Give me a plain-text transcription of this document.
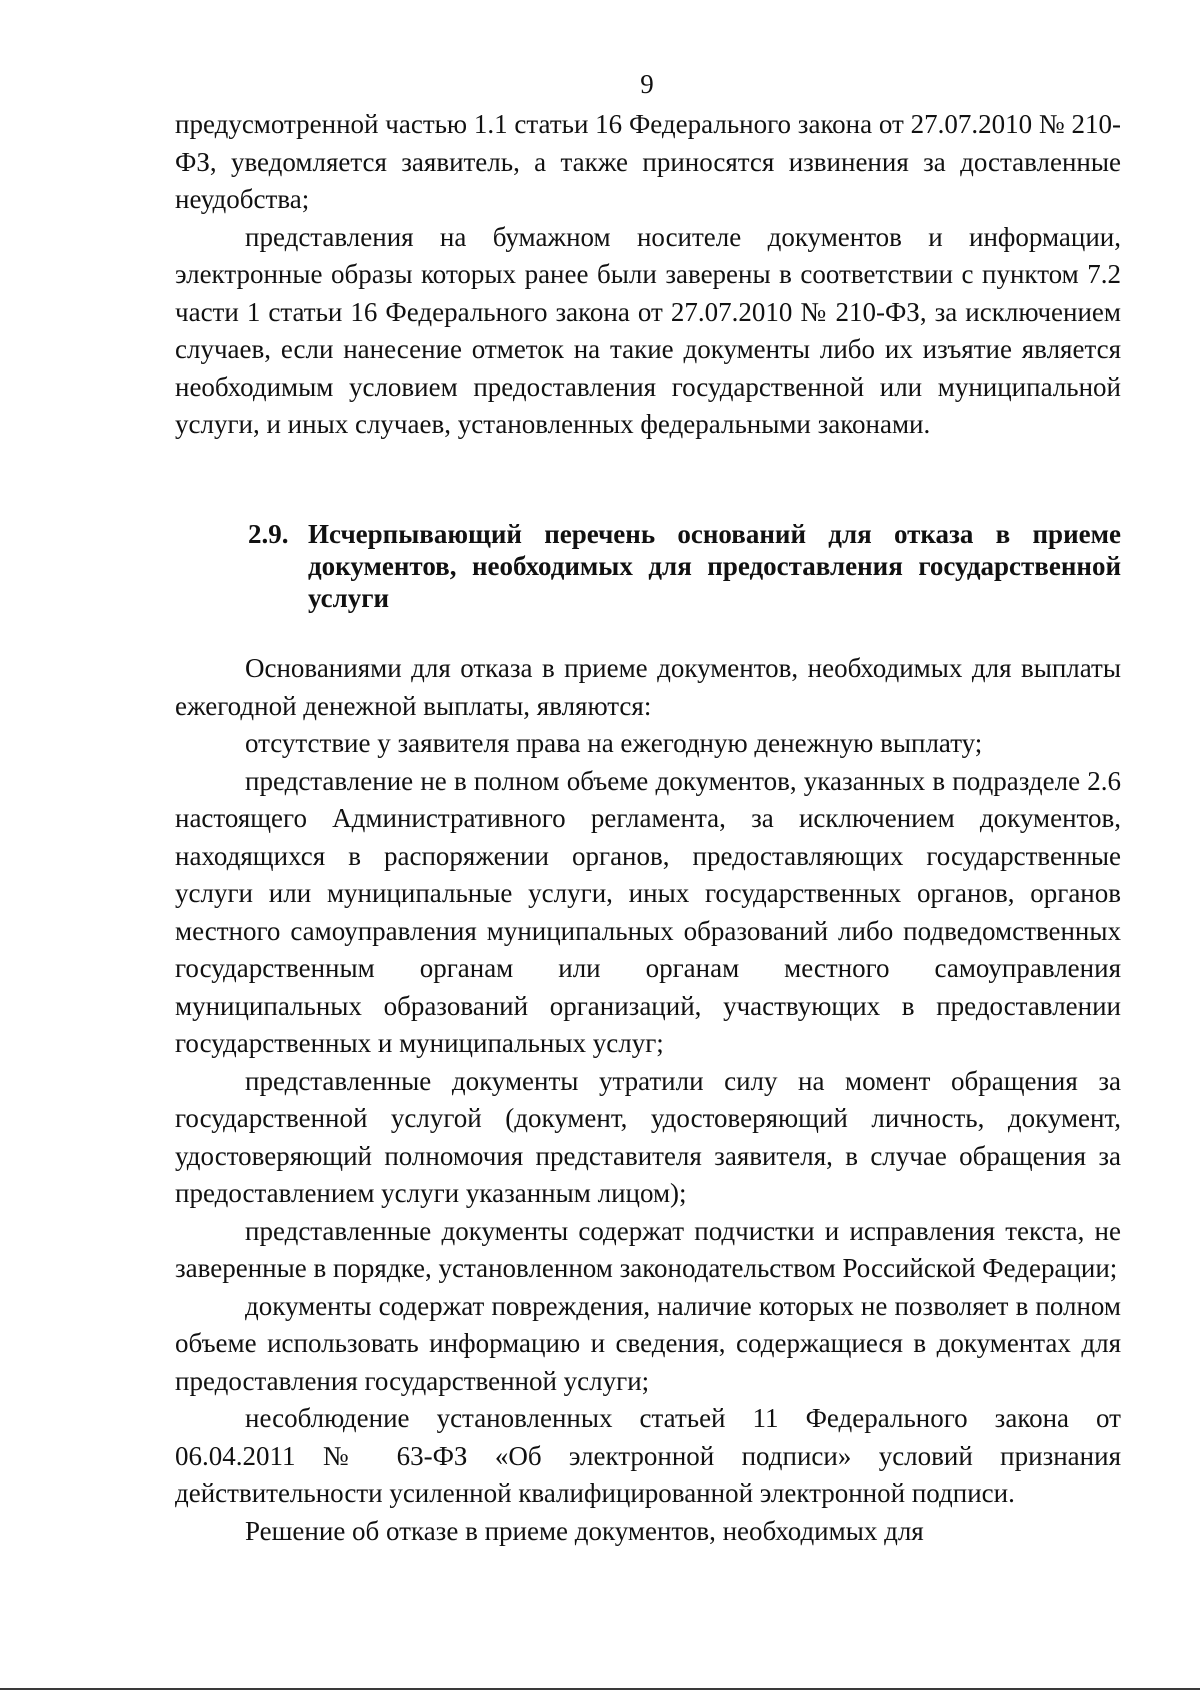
9

предусмотренной частью 1.1 статьи 16 Федерального закона от 27.07.2010 № 210-ФЗ, уведомляется заявитель, а также приносятся извинения за доставленные неудобства;

представления на бумажном носителе документов и информации, электронные образы которых ранее были заверены в соответствии с пунктом 7.2 части 1 статьи 16 Федерального закона от 27.07.2010 № 210-ФЗ, за исключением случаев, если нанесение отметок на такие документы либо их изъятие является необходимым условием предоставления государственной или муниципальной услуги, и иных случаев, установленных федеральными законами.

2.9. Исчерпывающий перечень оснований для отказа в приеме документов, необходимых для предоставления государственной услуги

Основаниями для отказа в приеме документов, необходимых для выплаты ежегодной денежной выплаты, являются:

отсутствие у заявителя права на ежегодную денежную выплату;

представление не в полном объеме документов, указанных в подразделе 2.6 настоящего Административного регламента, за исключением документов, находящихся в распоряжении органов, предоставляющих государственные услуги или муниципальные услуги, иных государственных органов, органов местного самоуправления муниципальных образований либо подведомственных государственным органам или органам местного самоуправления муниципальных образований организаций, участвующих в предоставлении государственных и муниципальных услуг;

представленные документы утратили силу на момент обращения за государственной услугой (документ, удостоверяющий личность, документ, удостоверяющий полномочия представителя заявителя, в случае обращения за предоставлением услуги указанным лицом);

представленные документы содержат подчистки и исправления текста, не заверенные в порядке, установленном законодательством Российской Федерации;

документы содержат повреждения, наличие которых не позволяет в полном объеме использовать информацию и сведения, содержащиеся в документах для предоставления государственной услуги;

несоблюдение установленных статьей 11 Федерального закона от 06.04.2011 № 63-ФЗ «Об электронной подписи» условий признания действительности усиленной квалифицированной электронной подписи.

Решение об отказе в приеме документов, необходимых для
